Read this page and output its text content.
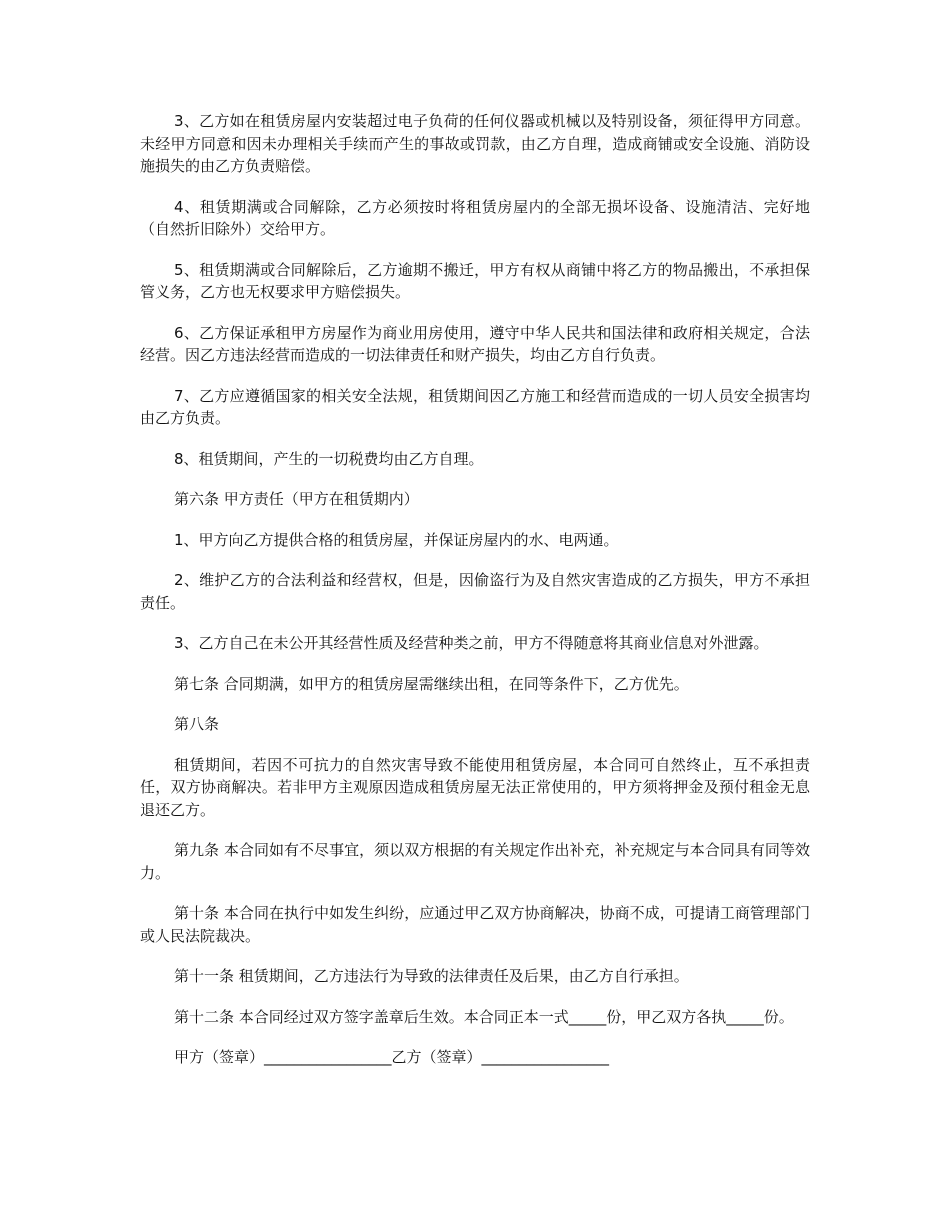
3、乙方如在租赁房屋内安装超过电子负荷的任何仪器或机械以及特别设备，须征得甲方同意。未经甲方同意和因未办理相关手续而产生的事故或罚款，由乙方自理，造成商铺或安全设施、消防设施损失的由乙方负责赔偿。

4、租赁期满或合同解除，乙方必须按时将租赁房屋内的全部无损坏设备、设施清洁、完好地（自然折旧除外）交给甲方。

5、租赁期满或合同解除后，乙方逾期不搬迁，甲方有权从商铺中将乙方的物品搬出，不承担保管义务，乙方也无权要求甲方赔偿损失。

6、乙方保证承租甲方房屋作为商业用房使用，遵守中华人民共和国法律和政府相关规定，合法经营。因乙方违法经营而造成的一切法律责任和财产损失，均由乙方自行负责。

7、乙方应遵循国家的相关安全法规，租赁期间因乙方施工和经营而造成的一切人员安全损害均由乙方负责。

8、租赁期间，产生的一切税费均由乙方自理。

第六条 甲方责任（甲方在租赁期内）

1、甲方向乙方提供合格的租赁房屋，并保证房屋内的水、电两通。

2、维护乙方的合法利益和经营权，但是，因偷盗行为及自然灾害造成的乙方损失，甲方不承担责任。

3、乙方自己在未公开其经营性质及经营种类之前，甲方不得随意将其商业信息对外泄露。

第七条 合同期满，如甲方的租赁房屋需继续出租，在同等条件下，乙方优先。

第八条

租赁期间，若因不可抗力的自然灾害导致不能使用租赁房屋，本合同可自然终止，互不承担责任，双方协商解决。若非甲方主观原因造成租赁房屋无法正常使用的，甲方须将押金及预付租金无息退还乙方。

第九条 本合同如有不尽事宜，须以双方根据的有关规定作出补充，补充规定与本合同具有同等效力。

第十条 本合同在执行中如发生纠纷，应通过甲乙双方协商解决，协商不成，可提请工商管理部门或人民法院裁决。

第十一条 租赁期间，乙方违法行为导致的法律责任及后果，由乙方自行承担。

第十二条 本合同经过双方签字盖章后生效。本合同正本一式_____份，甲乙双方各执_____份。

甲方（签章）_________________乙方（签章）_________________
